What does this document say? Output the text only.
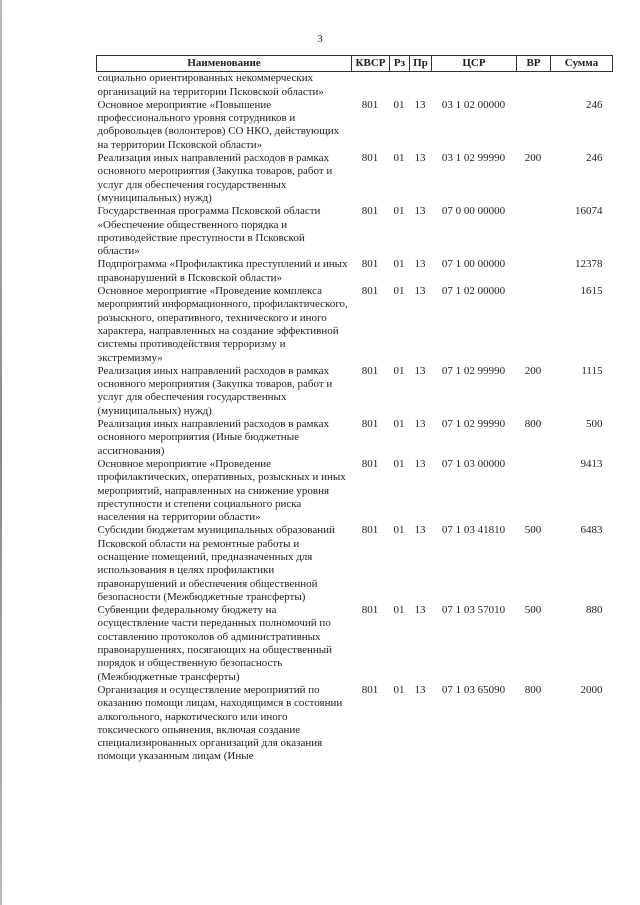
3
Наименование	КВСР	Рз	Пр	ЦСР	ВР	Сумма
социально ориентированных некоммерческих организаций на территории Псковской области»						
Основное мероприятие «Повышение профессионального уровня сотрудников и добровольцев (волонтеров) СО НКО, действующих на территории Псковской области»	801	01	13	03 1 02 00000		246
Реализация иных направлений расходов в рамках основного мероприятия (Закупка товаров, работ и услуг для обеспечения государственных (муниципальных) нужд)	801	01	13	03 1 02 99990	200	246
Государственная программа Псковской области «Обеспечение общественного порядка и противодействие преступности в Псковской области»	801	01	13	07 0 00 00000		16074
Подпрограмма «Профилактика преступлений и иных правонарушений в Псковской области»	801	01	13	07 1 00 00000		12378
Основное мероприятие «Проведение комплекса мероприятий информационного, профилактического, розыскного, оперативного, технического и иного характера, направленных на создание эффективной системы противодействия терроризму и экстремизму»	801	01	13	07 1 02 00000		1615
Реализация иных направлений расходов в рамках основного мероприятия (Закупка товаров, работ и услуг для обеспечения государственных (муниципальных) нужд)	801	01	13	07 1 02 99990	200	1115
Реализация иных направлений расходов в рамках основного мероприятия (Иные бюджетные ассигнования)	801	01	13	07 1 02 99990	800	500
Основное мероприятие «Проведение профилактических, оперативных, розыскных и иных мероприятий, направленных на снижение уровня преступности и степени социального риска населения на территории области»	801	01	13	07 1 03 00000		9413
Субсидии бюджетам муниципальных образований Псковской области на ремонтные работы и оснащение помещений, предназначенных для использования в целях профилактики правонарушений и обеспечения общественной безопасности (Межбюджетные трансферты)	801	01	13	07 1 03 41810	500	6483
Субвенции федеральному бюджету на осуществление части переданных полномочий по составлению протоколов об административных правонарушениях, посягающих на общественный порядок и общественную безопасность (Межбюджетные трансферты)	801	01	13	07 1 03 57010	500	880
Организация и осуществление мероприятий по оказанию помощи лицам, находящимся в состоянии алкогольного, наркотического или иного токсического опьянения, включая создание специализированных организаций для оказания помощи указанным лицам (Иные	801	01	13	07 1 03 65090	800	2000
